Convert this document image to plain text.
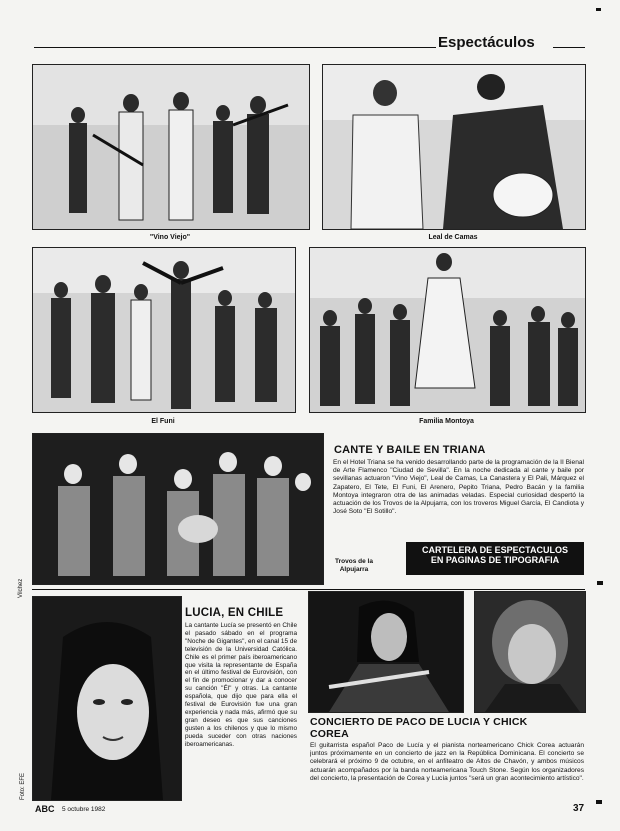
Espectáculos
"Vino Viejo"	Leal de Camas
El Funi	Familia Montoya
Vilchez
Trovos de la Alpujarra
CANTE Y BAILE EN TRIANA
En el Hotel Triana se ha venido desarrollando parte de la programación de la II Bienal de Arte Flamenco "Ciudad de Sevilla". En la noche dedicada al cante y baile por sevillanas actuaron "Vino Viejo", Leal de Camas, La Canastera y El Pali, Márquez el Zapatero, El Tete, El Funi, El Arenero, Pepito Triana, Pedro Bacán y la familia Montoya integraron otra de las animadas veladas. Especial curiosidad despertó la actuación de los Trovos de la Alpujarra, con los troveros Miguel García, El Candiota y José Soto "El Sotillo".
CARTELERA DE ESPECTACULOS
EN PAGINAS DE TIPOGRAFIA
Foto: EFE
LUCIA, EN CHILE
La cantante Lucía se presentó en Chile el pasado sábado en el programa "Noche de Gigantes", en el canal 15 de televisión de la Universidad Católica. Chile es el primer país iberoamericano que visita la representante de España en el último festival de Eurovisión, con el fin de promocionar y dar a conocer su canción "Él" y otras. La cantante española, que dijo que para ella el festival de Eurovisión fue una gran experiencia y nada más, afirmó que su gran deseo es que sus canciones gusten a los chilenos y que lo mismo pueda suceder con otras naciones iberoamericanas.
CONCIERTO DE PACO DE LUCIA Y CHICK COREA
El guitarrista español Paco de Lucía y el pianista norteamericano Chick Corea actuarán juntos próximamente en un concierto de jazz en la República Dominicana. El concierto se celebrará el próximo 9 de octubre, en el anfiteatro de Altos de Chavón, y ambos músicos actuarán acompañados por la banda norteamericana Touch Stone. Según los organizadores del concierto, la presentación de Corea y Lucía juntos "será un gran acontecimiento artístico".
ABC 5 octubre 1982	37
